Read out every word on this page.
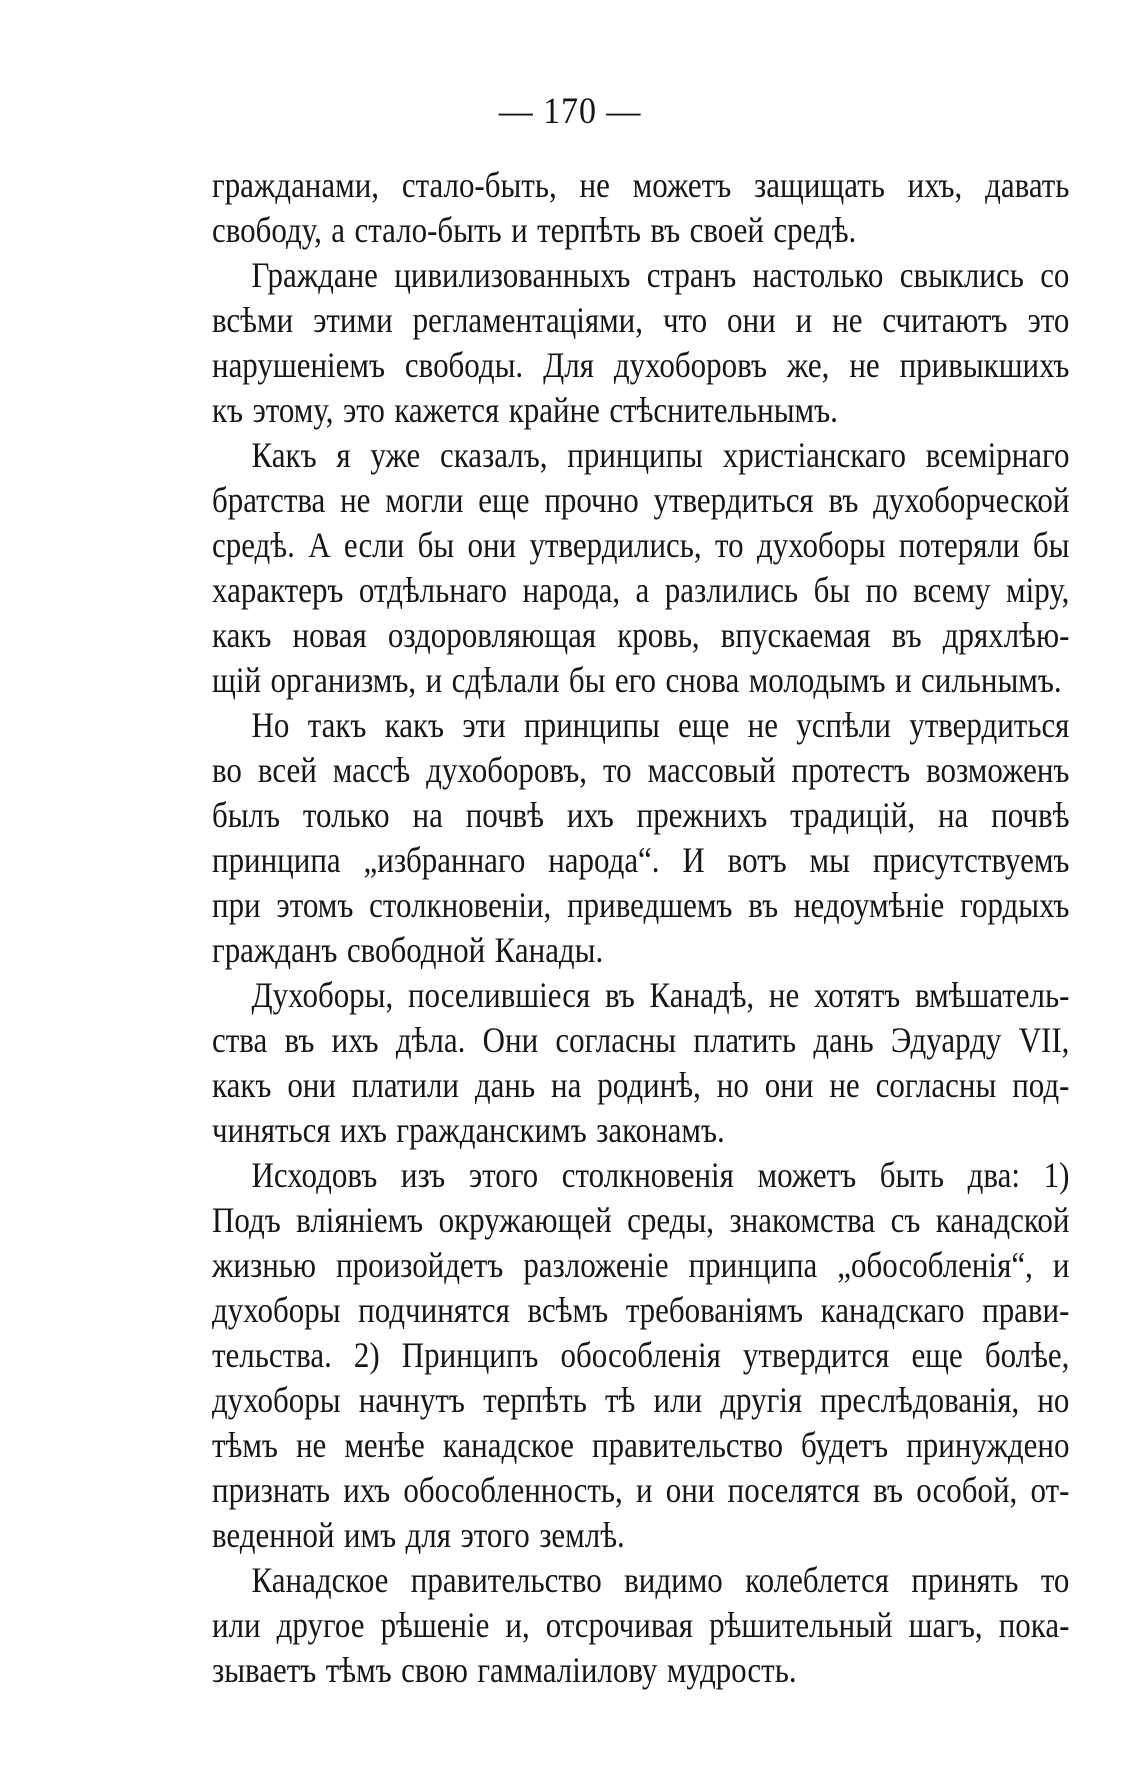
— 170 —
гражданами, стало-быть, не можетъ защищать ихъ, давать
свободу, а стало-быть и терпѣть въ своей средѣ.
Граждане цивилизованныхъ странъ настолько свыклись со
всѣми этими регламентаціями, что они и не считаютъ это
нарушеніемъ свободы. Для духоборовъ же, не привыкшихъ
къ этому, это кажется крайне стѣснительнымъ.
Какъ я уже сказалъ, принципы христіанскаго всемірнаго
братства не могли еще прочно утвердиться въ духоборческой
средѣ. А если бы они утвердились, то духоборы потеряли бы
характеръ отдѣльнаго народа, а разлились бы по всему міру,
какъ новая оздоровляющая кровь, впускаемая въ дряхлѣю-
щій организмъ, и сдѣлали бы его снова молодымъ и сильнымъ.
Но такъ какъ эти принципы еще не успѣли утвердиться
во всей массѣ духоборовъ, то массовый протестъ возможенъ
былъ только на почвѣ ихъ прежнихъ традицій, на почвѣ
принципа „избраннаго народа“. И вотъ мы присутствуемъ
при этомъ столкновеніи, приведшемъ въ недоумѣніе гордыхъ
гражданъ свободной Канады.
Духоборы, поселившіеся въ Канадѣ, не хотятъ вмѣшатель-
ства въ ихъ дѣла. Они согласны платить дань Эдуарду VII,
какъ они платили дань на родинѣ, но они не согласны под-
чиняться ихъ гражданскимъ законамъ.
Исходовъ изъ этого столкновенія можетъ быть два: 1)
Подъ вліяніемъ окружающей среды, знакомства съ канадской
жизнью произойдетъ разложеніе принципа „обособленія“, и
духоборы подчинятся всѣмъ требованіямъ канадскаго прави-
тельства. 2) Принципъ обособленія утвердится еще болѣе,
духоборы начнутъ терпѣть тѣ или другія преслѣдованія, но
тѣмъ не менѣе канадское правительство будетъ принуждено
признать ихъ обособленность, и они поселятся въ особой, от-
веденной имъ для этого землѣ.
Канадское правительство видимо колеблется принять то
или другое рѣшеніе и, отсрочивая рѣшительный шагъ, пока-
зываетъ тѣмъ свою гаммаліилову мудрость.
